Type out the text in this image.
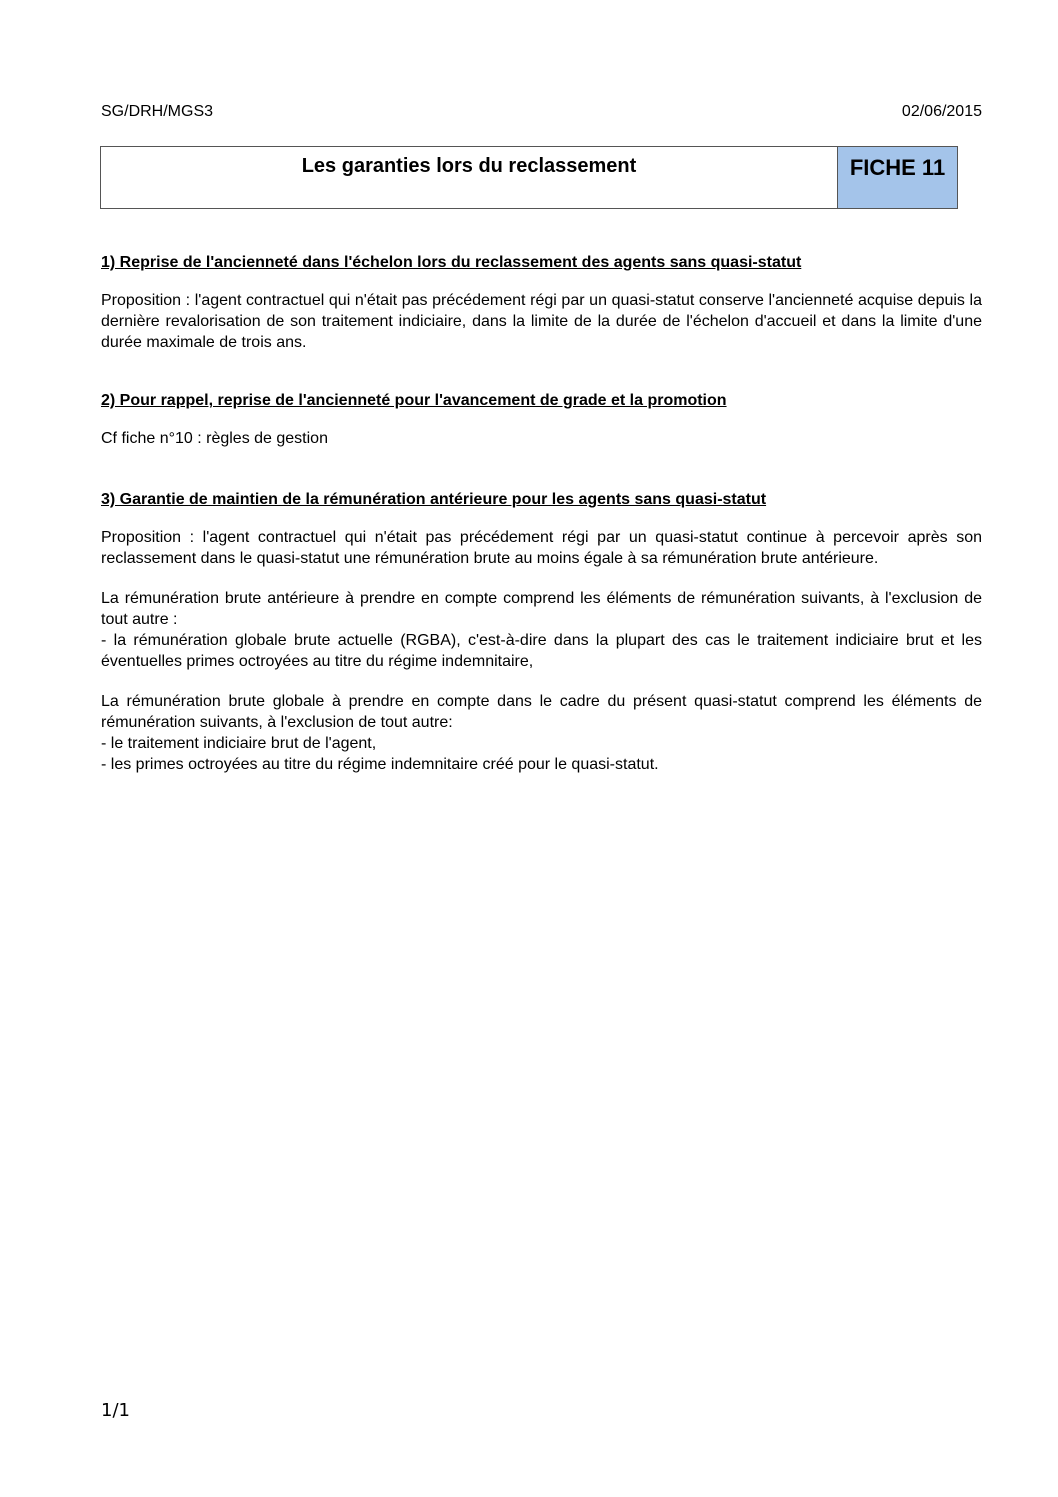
SG/DRH/MGS3	02/06/2015
Les garanties lors du reclassement	FICHE 11
1) Reprise de l'ancienneté dans l'échelon lors du reclassement des agents sans quasi-statut

Proposition : l'agent contractuel qui n'était pas précédement régi par un quasi-statut conserve l'ancienneté acquise depuis la dernière revalorisation de son traitement indiciaire, dans la limite de la durée de l'échelon d'accueil et dans la limite d'une durée maximale de trois ans.

2) Pour rappel, reprise de l'ancienneté pour l'avancement de grade et la promotion

Cf fiche n°10 : règles de gestion

3) Garantie de maintien de la rémunération antérieure pour les agents sans quasi-statut

Proposition : l'agent contractuel qui n'était pas précédement régi par un quasi-statut continue à percevoir après son reclassement dans le quasi-statut une rémunération brute au moins égale à sa rémunération brute antérieure.

La rémunération brute antérieure à prendre en compte comprend les éléments de rémunération suivants, à l'exclusion de tout autre :
- la rémunération globale brute actuelle (RGBA), c'est-à-dire dans la plupart des cas le traitement indiciaire brut et les éventuelles primes octroyées au titre du régime indemnitaire,

La rémunération brute globale à prendre en compte dans le cadre du présent quasi-statut comprend les éléments de rémunération suivants, à l'exclusion de tout autre:
- le traitement indiciaire brut de l'agent,
- les primes octroyées au titre du régime indemnitaire créé pour le quasi-statut.

1/1
